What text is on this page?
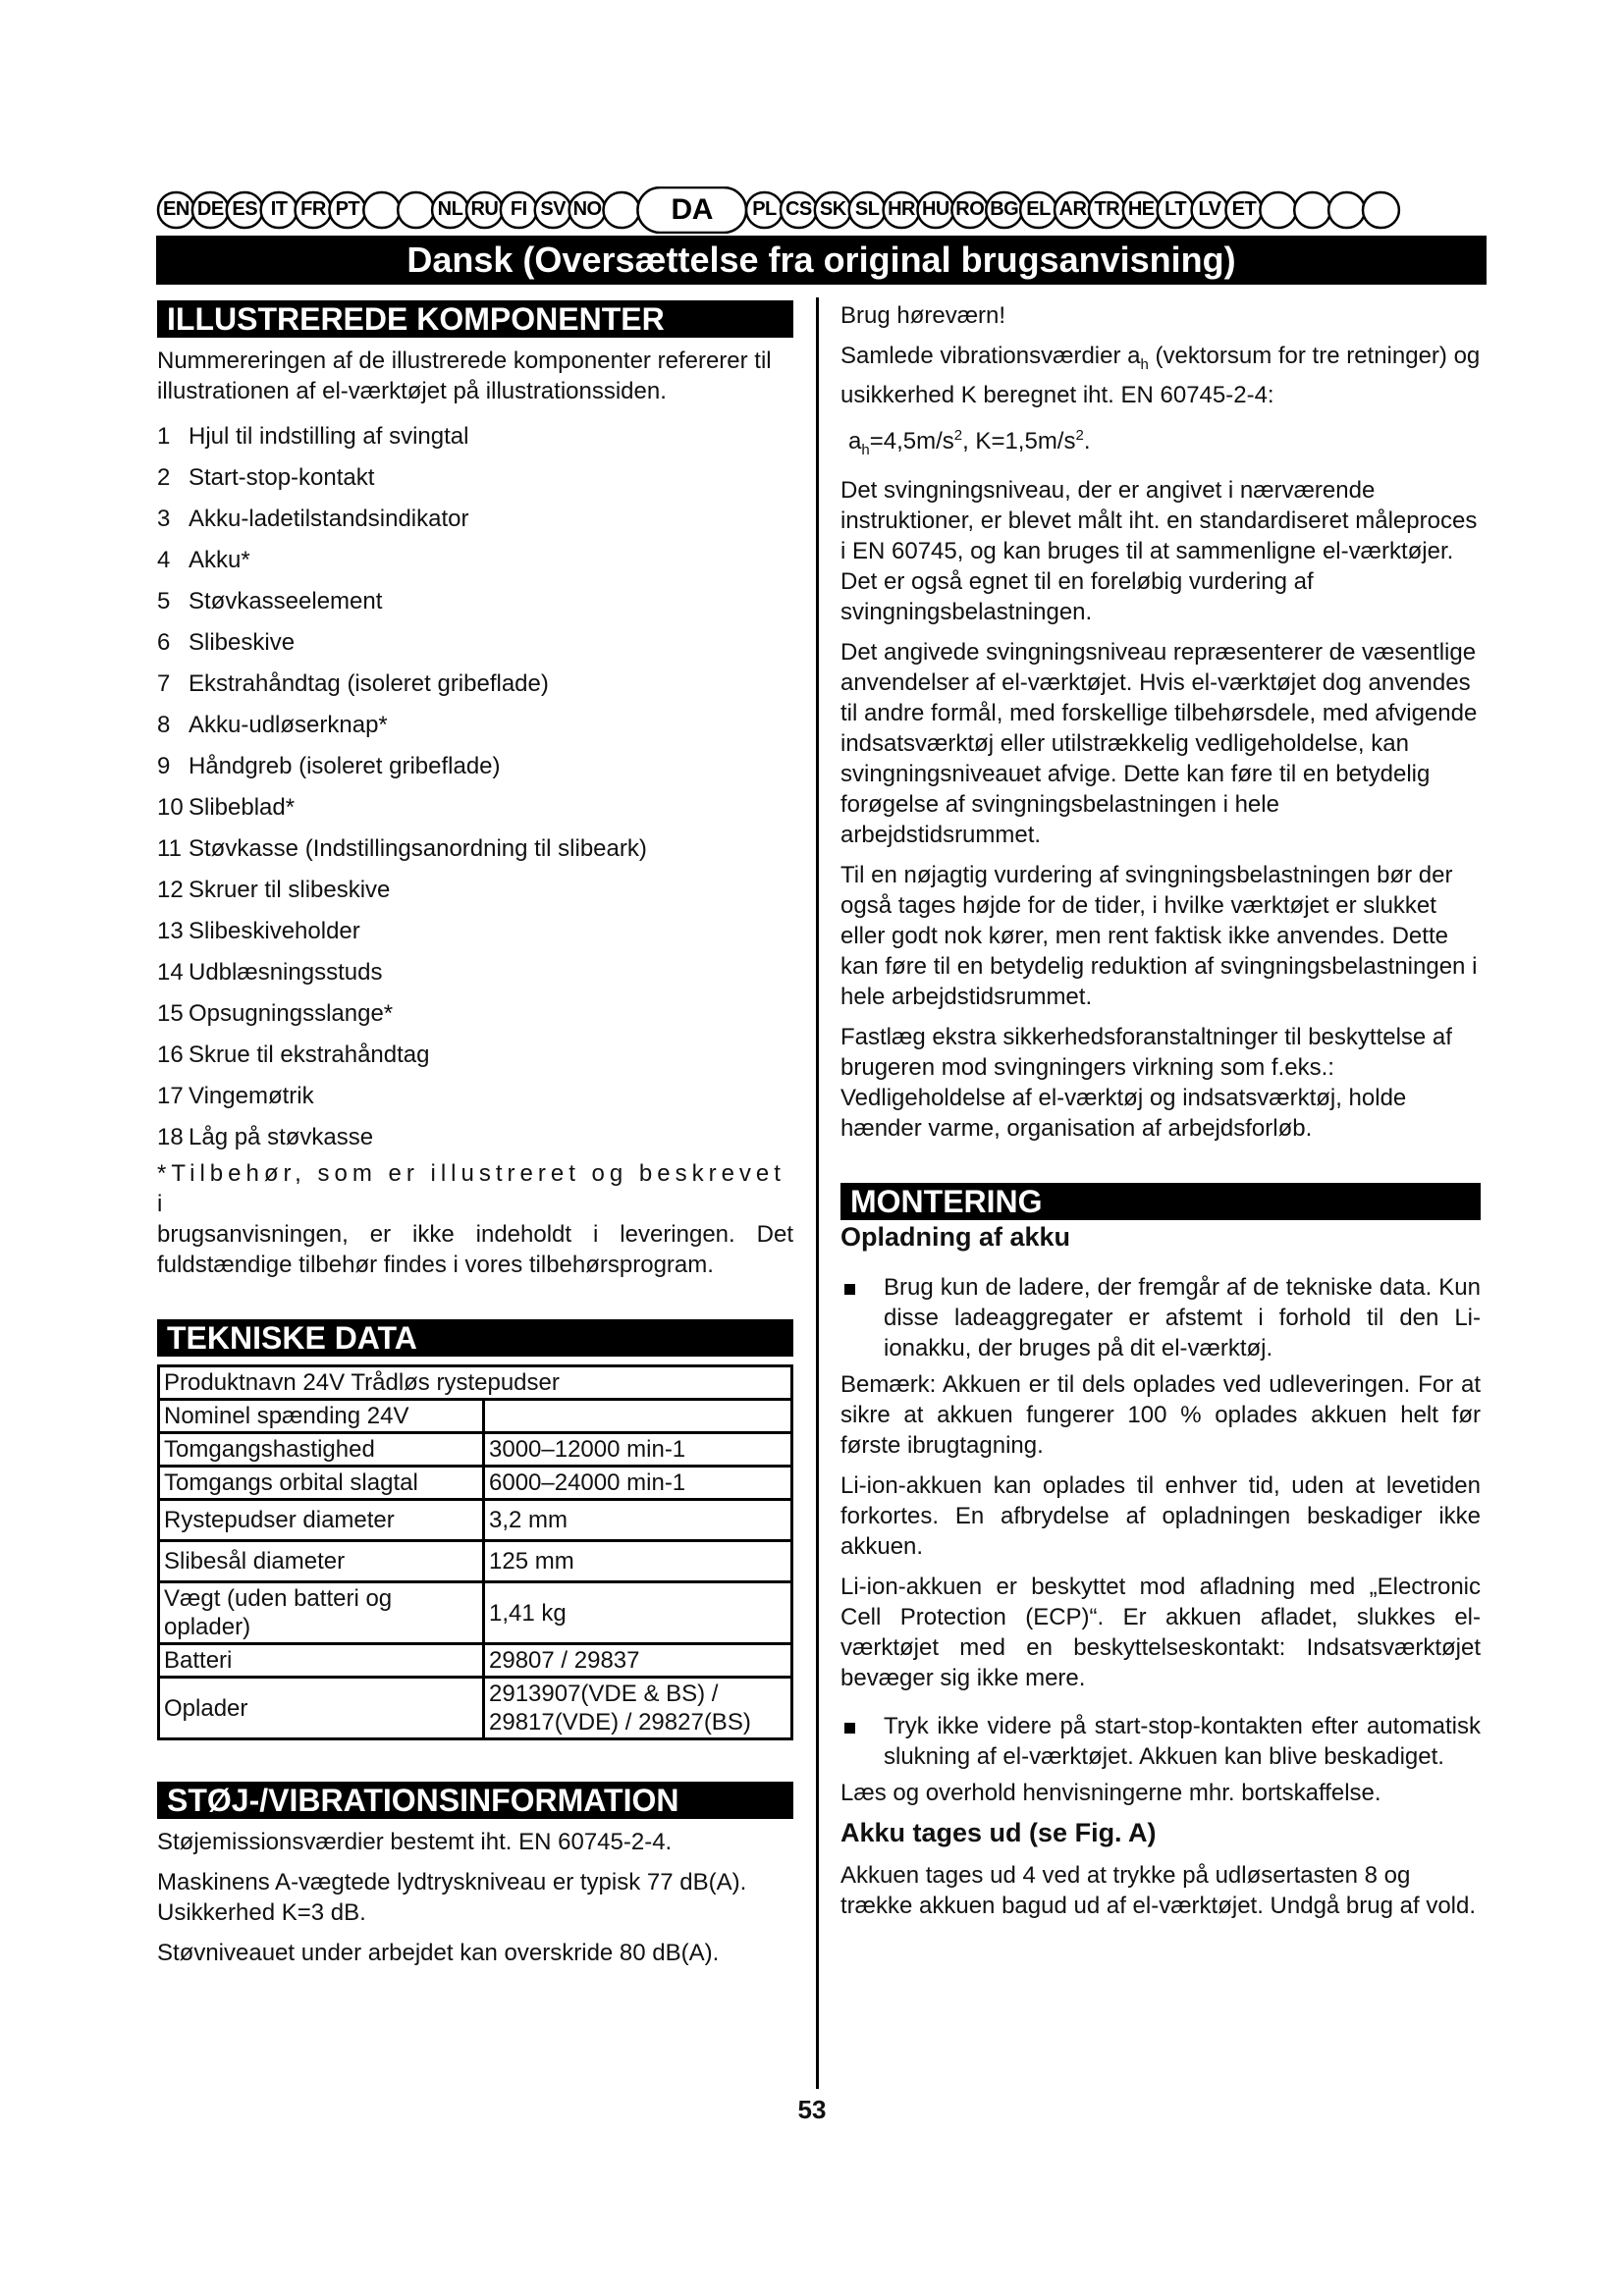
EN DE ES IT FR PT	NL RU FI SV NO	DA	PL CS SK SL HR HU RO BG EL AR TR HE LT LV ET
Dansk (Oversættelse fra original brugsanvisning)
ILLUSTREREDE KOMPONENTER

Nummereringen af de illustrerede komponenter refererer til illustrationen af el-værktøjet på illustrationssiden.

1 Hjul til indstilling af svingtal
2 Start-stop-kontakt
3 Akku-ladetilstandsindikator
4 Akku*
5 Støvkasseelement
6 Slibeskive
7 Ekstrahåndtag (isoleret gribeflade)
8 Akku-udløserknap*
9 Håndgreb (isoleret gribeflade)
10 Slibeblad*
11 Støvkasse (Indstillingsanordning til slibeark)
12 Skruer til slibeskive
13 Slibeskiveholder
14 Udblæsningsstuds
15 Opsugningsslange*
16 Skrue til ekstrahåndtag
17 Vingemøtrik
18 Låg på støvkasse

*Tilbehør, som er illustreret og beskrevet i
brugsanvisningen, er ikke indeholdt i leveringen. Det fuldstændige tilbehør findes i vores tilbehørsprogram.

TEKNISKE DATA
Produktnavn 24V Trådløs rystepudser	
Nominel spænding 24V	
Tomgangshastighed	3000–12000 min-1
Tomgangs orbital slagtal	6000–24000 min-1
Rystepudser diameter	3,2 mm
Slibesål diameter	125 mm
Vægt (uden batteri og oplader)	1,41 kg
Batteri	29807 / 29837
Oplader	2913907(VDE & BS) / 29817(VDE) / 29827(BS)
STØJ-/VIBRATIONSINFORMATION

Støjemissionsværdier bestemt iht. EN 60745-2-4.

Maskinens A-vægtede lydtryskniveau er typisk 77 dB(A). Usikkerhed K=3 dB.

Støvniveauet under arbejdet kan overskride 80 dB(A).

Brug høreværn!

Samlede vibrationsværdier $a_h$ (vektorsum for tre retninger) og usikkerhed K beregnet iht. EN 60745-2-4:

$a_h=4,5m/s^2$, $K=1,5m/s^2$.

Det svingningsniveau, der er angivet i nærværende instruktioner, er blevet målt iht. en standardiseret måleproces i EN 60745, og kan bruges til at sammenligne el-værktøjer. Det er også egnet til en foreløbig vurdering af svingningsbelastningen.

Det angivede svingningsniveau repræsenterer de væsentlige anvendelser af el-værktøjet. Hvis el-værktøjet dog anvendes til andre formål, med forskellige tilbehørsdele, med afvigende indsatsværktøj eller utilstrækkelig vedligeholdelse, kan svingningsniveauet afvige. Dette kan føre til en betydelig forøgelse af svingningsbelastningen i hele arbejdstidsrummet.

Til en nøjagtig vurdering af svingningsbelastningen bør der også tages højde for de tider, i hvilke værktøjet er slukket eller godt nok kører, men rent faktisk ikke anvendes. Dette kan føre til en betydelig reduktion af svingningsbelastningen i hele arbejdstidsrummet.

Fastlæg ekstra sikkerhedsforanstaltninger til beskyttelse af brugeren mod svingningers virkning som f.eks.: Vedligeholdelse af el-værktøj og indsatsværktøj, holde hænder varme, organisation af arbejdsforløb.

MONTERING
Opladning af akku

Brug kun de ladere, der fremgår af de tekniske data. Kun disse ladeaggregater er afstemt i forhold til den Li-ionakku, der bruges på dit el-værktøj.

Bemærk: Akkuen er til dels oplades ved udleveringen. For at sikre at akkuen fungerer 100 % oplades akkuen helt før første ibrugtagning.

Li-ion-akkuen kan oplades til enhver tid, uden at levetiden forkortes. En afbrydelse af opladningen beskadiger ikke akkuen.

Li-ion-akkuen er beskyttet mod afladning med „Electronic Cell Protection (ECP)“. Er akkuen afladet, slukkes el-værktøjet med en beskyttelseskontakt: Indsatsværktøjet bevæger sig ikke mere.

Tryk ikke videre på start-stop-kontakten efter automatisk slukning af el-værktøjet. Akkuen kan blive beskadiget.

Læs og overhold henvisningerne mhr. bortskaffelse.

Akku tages ud (se Fig. A)

Akkuen tages ud 4 ved at trykke på udløsertasten 8 og trække akkuen bagud ud af el-værktøjet. Undgå brug af vold.

53
